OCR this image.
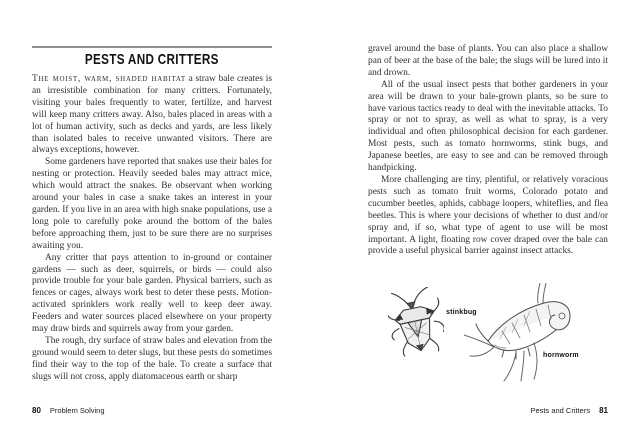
PESTS AND CRITTERS

The moist, warm, shaded habitat a straw bale creates is an irresistible combination for many critters. Fortunately, visiting your bales frequently to water, fertilize, and harvest will keep many critters away. Also, bales placed in areas with a lot of human activity, such as decks and yards, are less likely than isolated bales to receive unwanted visitors. There are always exceptions, however.

Some gardeners have reported that snakes use their bales for nesting or protection. Heavily seeded bales may attract mice, which would attract the snakes. Be observant when working around your bales in case a snake takes an interest in your garden. If you live in an area with high snake populations, use a long pole to carefully poke around the bottom of the bales before approaching them, just to be sure there are no surprises awaiting you.

Any critter that pays attention to in-ground or container gardens — such as deer, squirrels, or birds — could also provide trouble for your bale garden. Physical barriers, such as fences or cages, always work best to deter these pests. Motion-activated sprinklers work really well to keep deer away. Feeders and water sources placed elsewhere on your property may draw birds and squirrels away from your garden.

The rough, dry surface of straw bales and elevation from the ground would seem to deter slugs, but these pests do sometimes find their way to the top of the bale. To create a surface that slugs will not cross, apply diatomaceous earth or sharp

80 Problem Solving

gravel around the base of plants. You can also place a shallow pan of beer at the base of the bale; the slugs will be lured into it and drown.

All of the usual insect pests that bother gardeners in your area will be drawn to your bale-grown plants, so be sure to have various tactics ready to deal with the inevitable attacks. To spray or not to spray, as well as what to spray, is a very individual and often philosophical decision for each gardener. Most pests, such as tomato hornworms, stink bugs, and Japanese beetles, are easy to see and can be removed through handpicking.

More challenging are tiny, plentiful, or relatively voracious pests such as tomato fruit worms, Colorado potato and cucumber beetles, aphids, cabbage loopers, whiteflies, and flea beetles. This is where your decisions of whether to dust and/or spray and, if so, what type of agent to use will be most important. A light, floating row cover draped over the bale can provide a useful physical barrier against insect attacks.

stinkbug
hornworm
Pests and Critters 81
